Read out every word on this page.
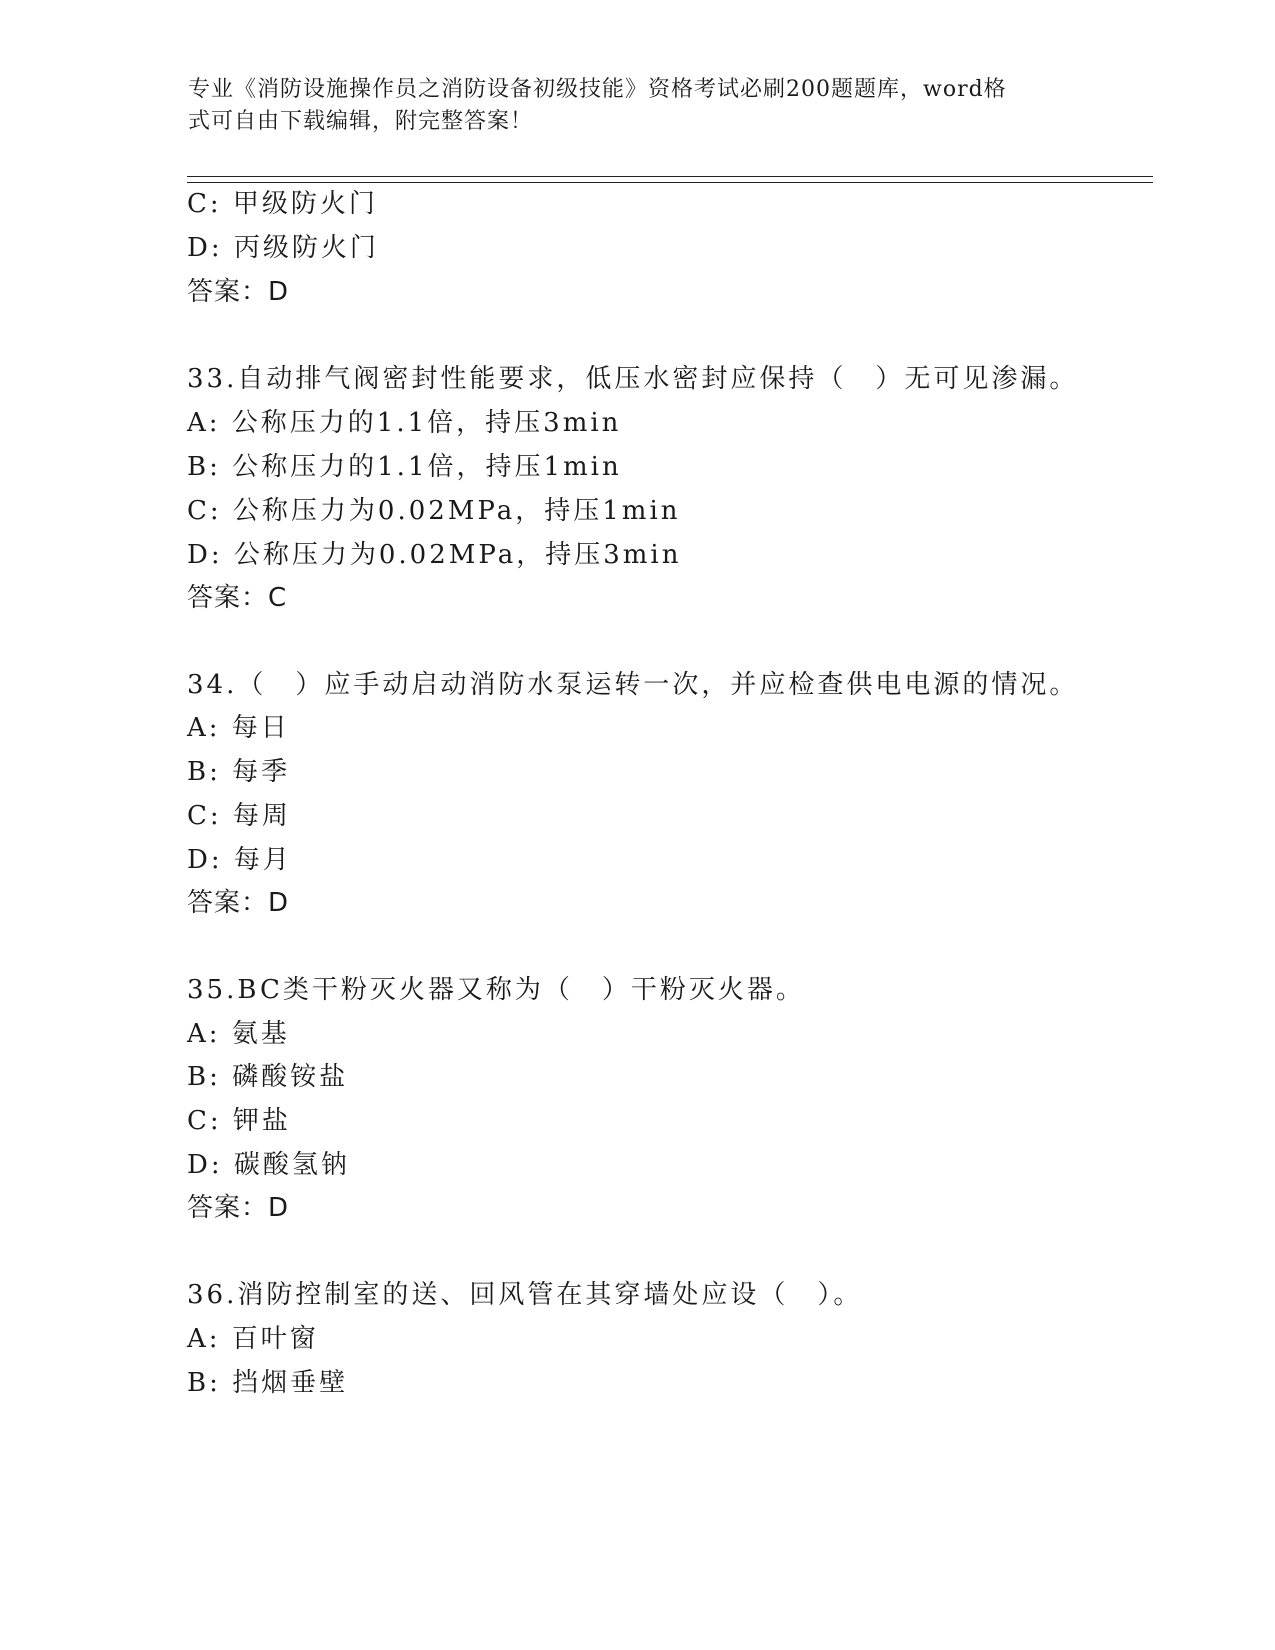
专业《消防设施操作员之消防设备初级技能》资格考试必刷200题题库，word格
式可自由下载编辑，附完整答案！
C: 甲级防火门
D: 丙级防火门
答案：D
33.自动排气阀密封性能要求，低压水密封应保持（　）无可见渗漏。
A: 公称压力的1.1倍，持压3min
B: 公称压力的1.1倍，持压1min
C: 公称压力为0.02MPa，持压1min
D: 公称压力为0.02MPa，持压3min
答案：C
34.（　）应手动启动消防水泵运转一次，并应检查供电电源的情况。
A: 每日
B: 每季
C: 每周
D: 每月
答案：D
35.BC类干粉灭火器又称为（　）干粉灭火器。
A: 氨基
B: 磷酸铵盐
C: 钾盐
D: 碳酸氢钠
答案：D
36.消防控制室的送、回风管在其穿墙处应设（　）。
A: 百叶窗
B: 挡烟垂壁
